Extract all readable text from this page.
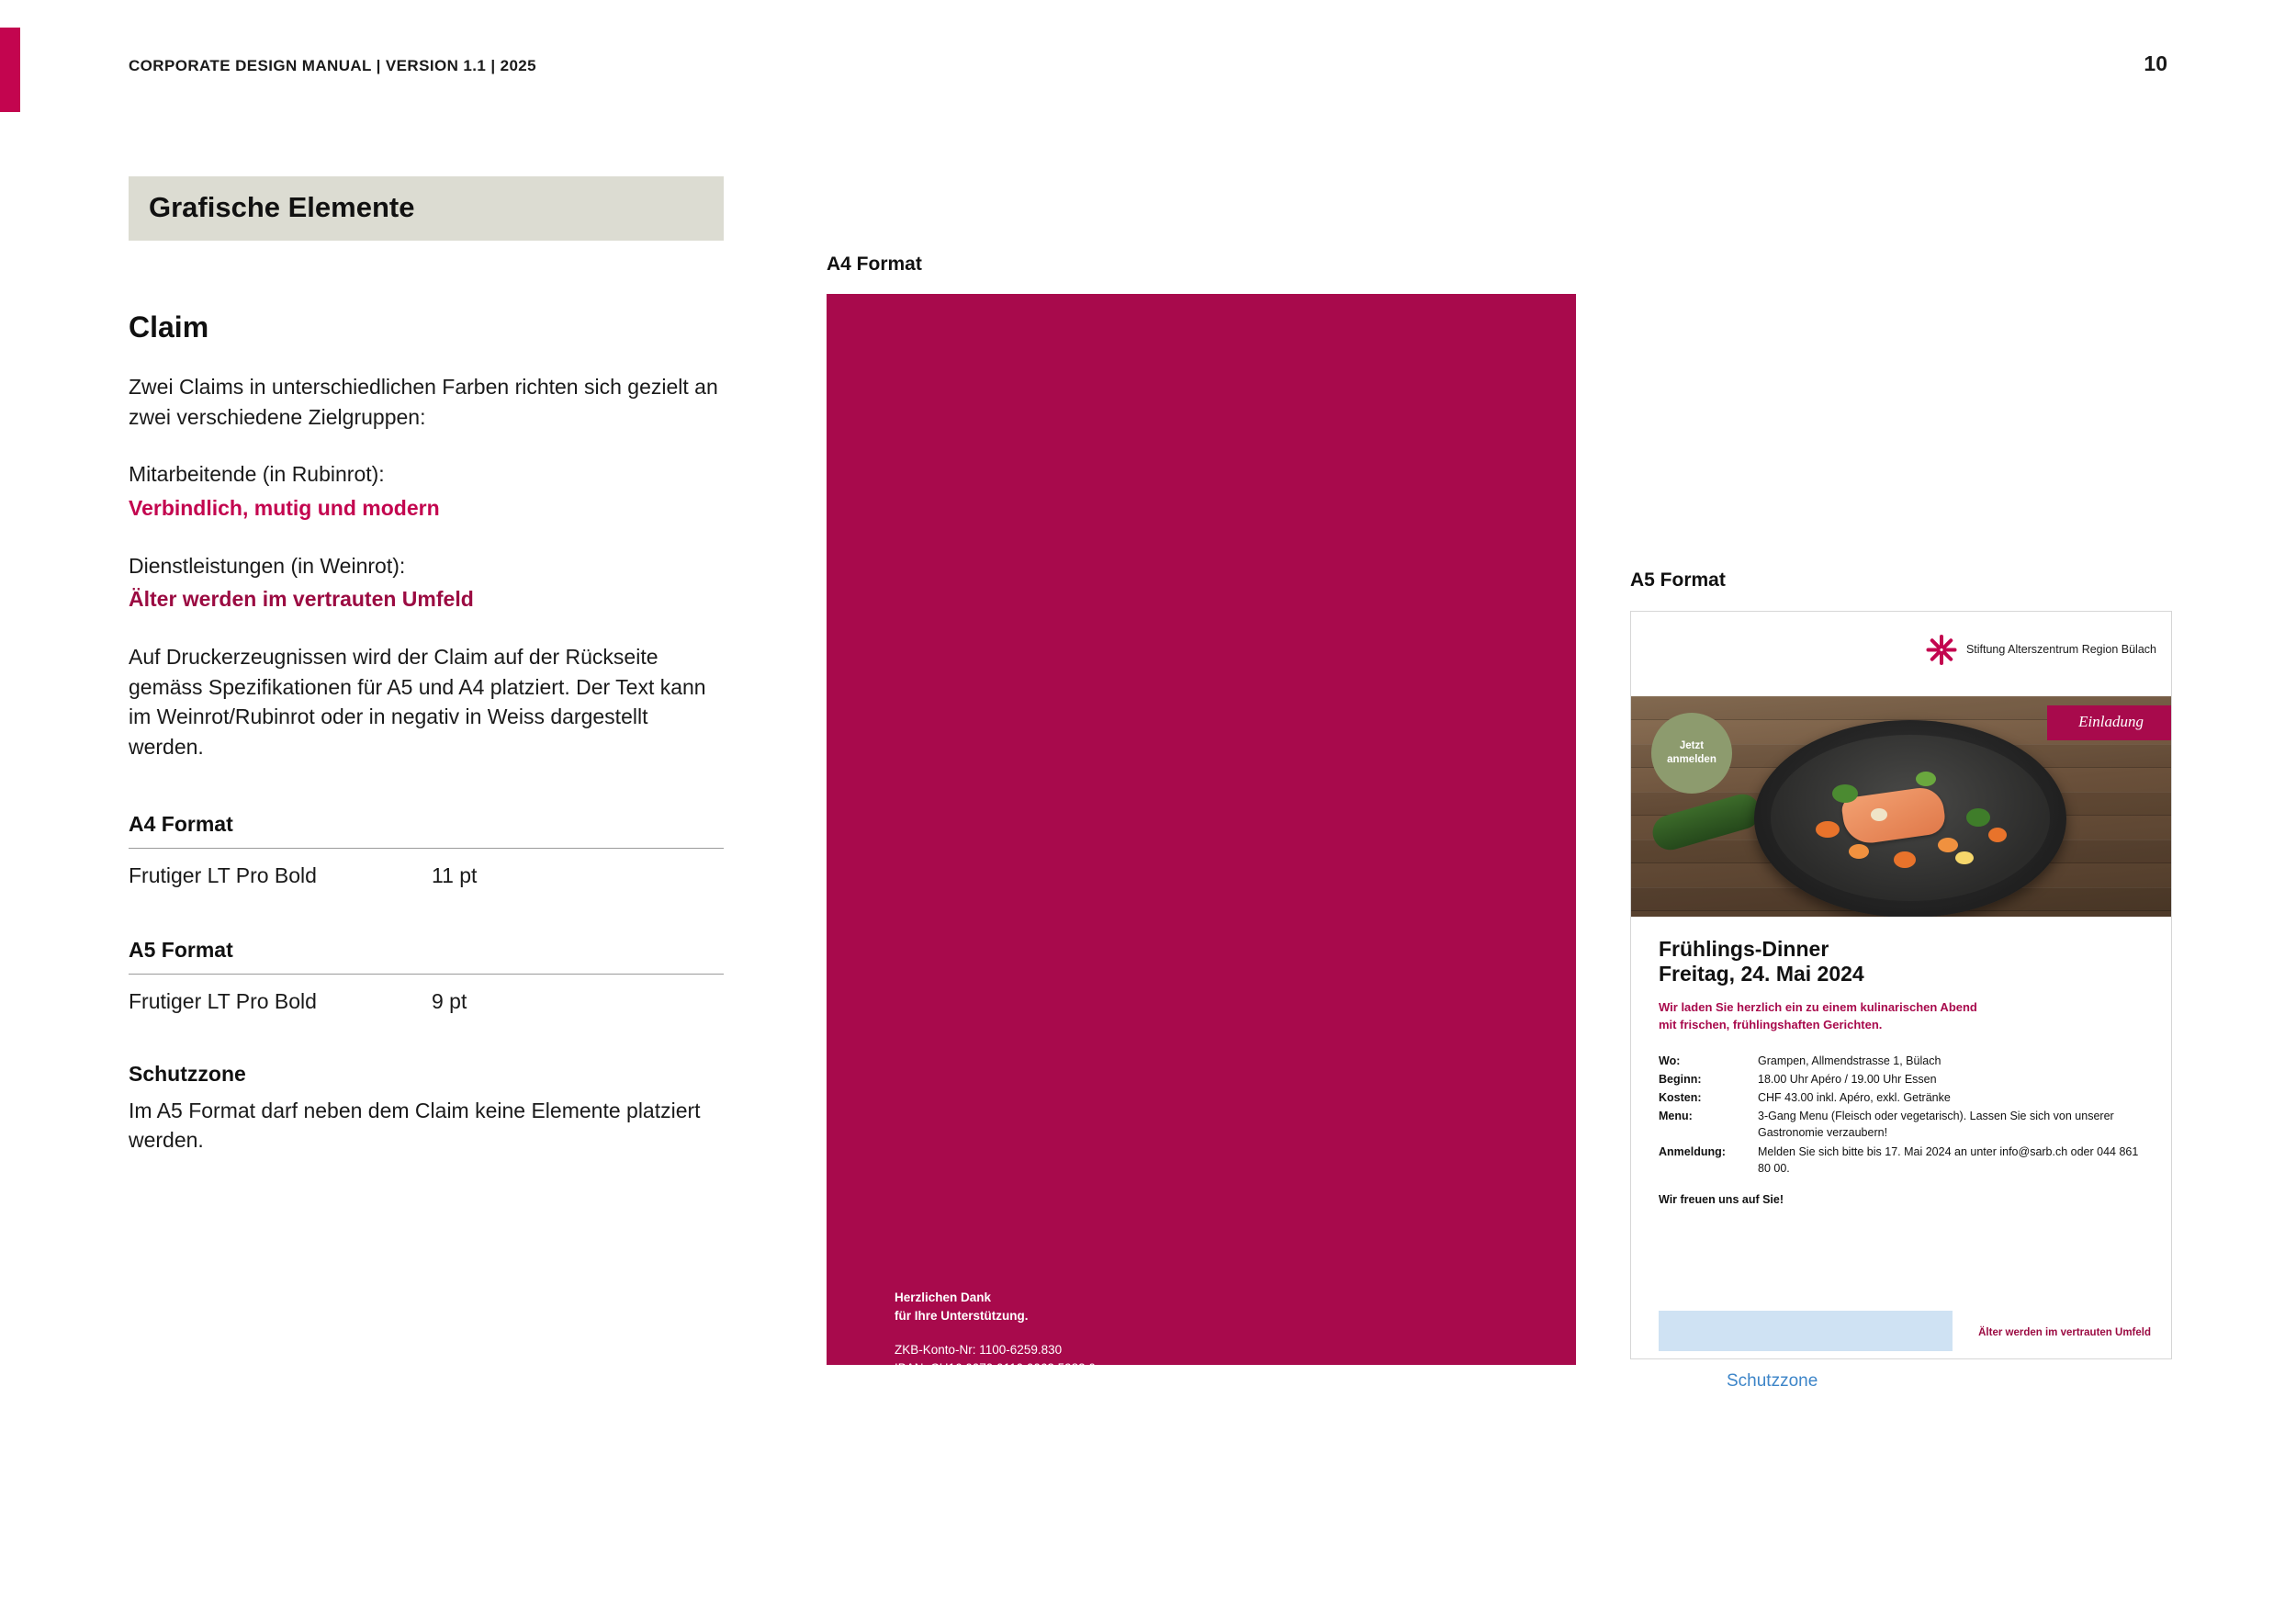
CORPORATE DESIGN MANUAL | VERSION 1.1 | 2025	10
Grafische Elemente
Claim

Zwei Claims in unterschiedlichen Farben richten sich gezielt an zwei verschiedene Zielgruppen:

Mitarbeitende (in Rubinrot):

Verbindlich, mutig und modern

Dienstleistungen (in Weinrot):

Älter werden im vertrauten Umfeld

Auf Druckerzeugnissen wird der Claim auf der Rückseite gemäss Spezifikationen für A5 und A4 platziert. Der Text kann im Weinrot/Rubinrot oder in negativ in Weiss dargestellt werden.

A4 Format
Frutiger LT Pro Bold	11 pt
A5 Format
Frutiger LT Pro Bold	9 pt
Schutzzone
Im A5 Format darf neben dem Claim keine Elemente platziert werden.
A4 Format
Herzlichen Dank
für Ihre Unterstützung.
ZKB-Konto-Nr: 1100-6259.830
IBAN: CH16 0070 0110 0062 5983 0
Stiftung Alterszentrum Region Bülach
Allmendstrasse 1
8180 Bülach
044 861 80 00
info@sarb.ch
www.sarb.ch
Wir sind eine gemeinnützige Stiftung ohne
Defizitgewohnte und auf Spenden angewiesen.	Älter werden im vertrauten Umfeld
A5 Format
Stiftung Alterszentrum Region Bülach
Jetzt
anmelden
Einladung
Frühlings-Dinner
Freitag, 24. Mai 2024
Wir laden Sie herzlich ein zu einem kulinarischen Abend
mit frischen, frühlingshaften Gerichten.
Wo:	Grampen, Allmendstrasse 1, Bülach
Beginn:	18.00 Uhr Apéro / 19.00 Uhr Essen
Kosten:	CHF 43.00 inkl. Apéro, exkl. Getränke
Menu:	3-Gang Menu (Fleisch oder vegetarisch). Lassen Sie sich von unserer Gastronomie verzaubern!
Anmeldung:	Melden Sie sich bitte bis 17. Mai 2024 an unter info@sarb.ch oder 044 861 80 00.
Wir freuen uns auf Sie!
Älter werden im vertrauten Umfeld
Schutzzone
